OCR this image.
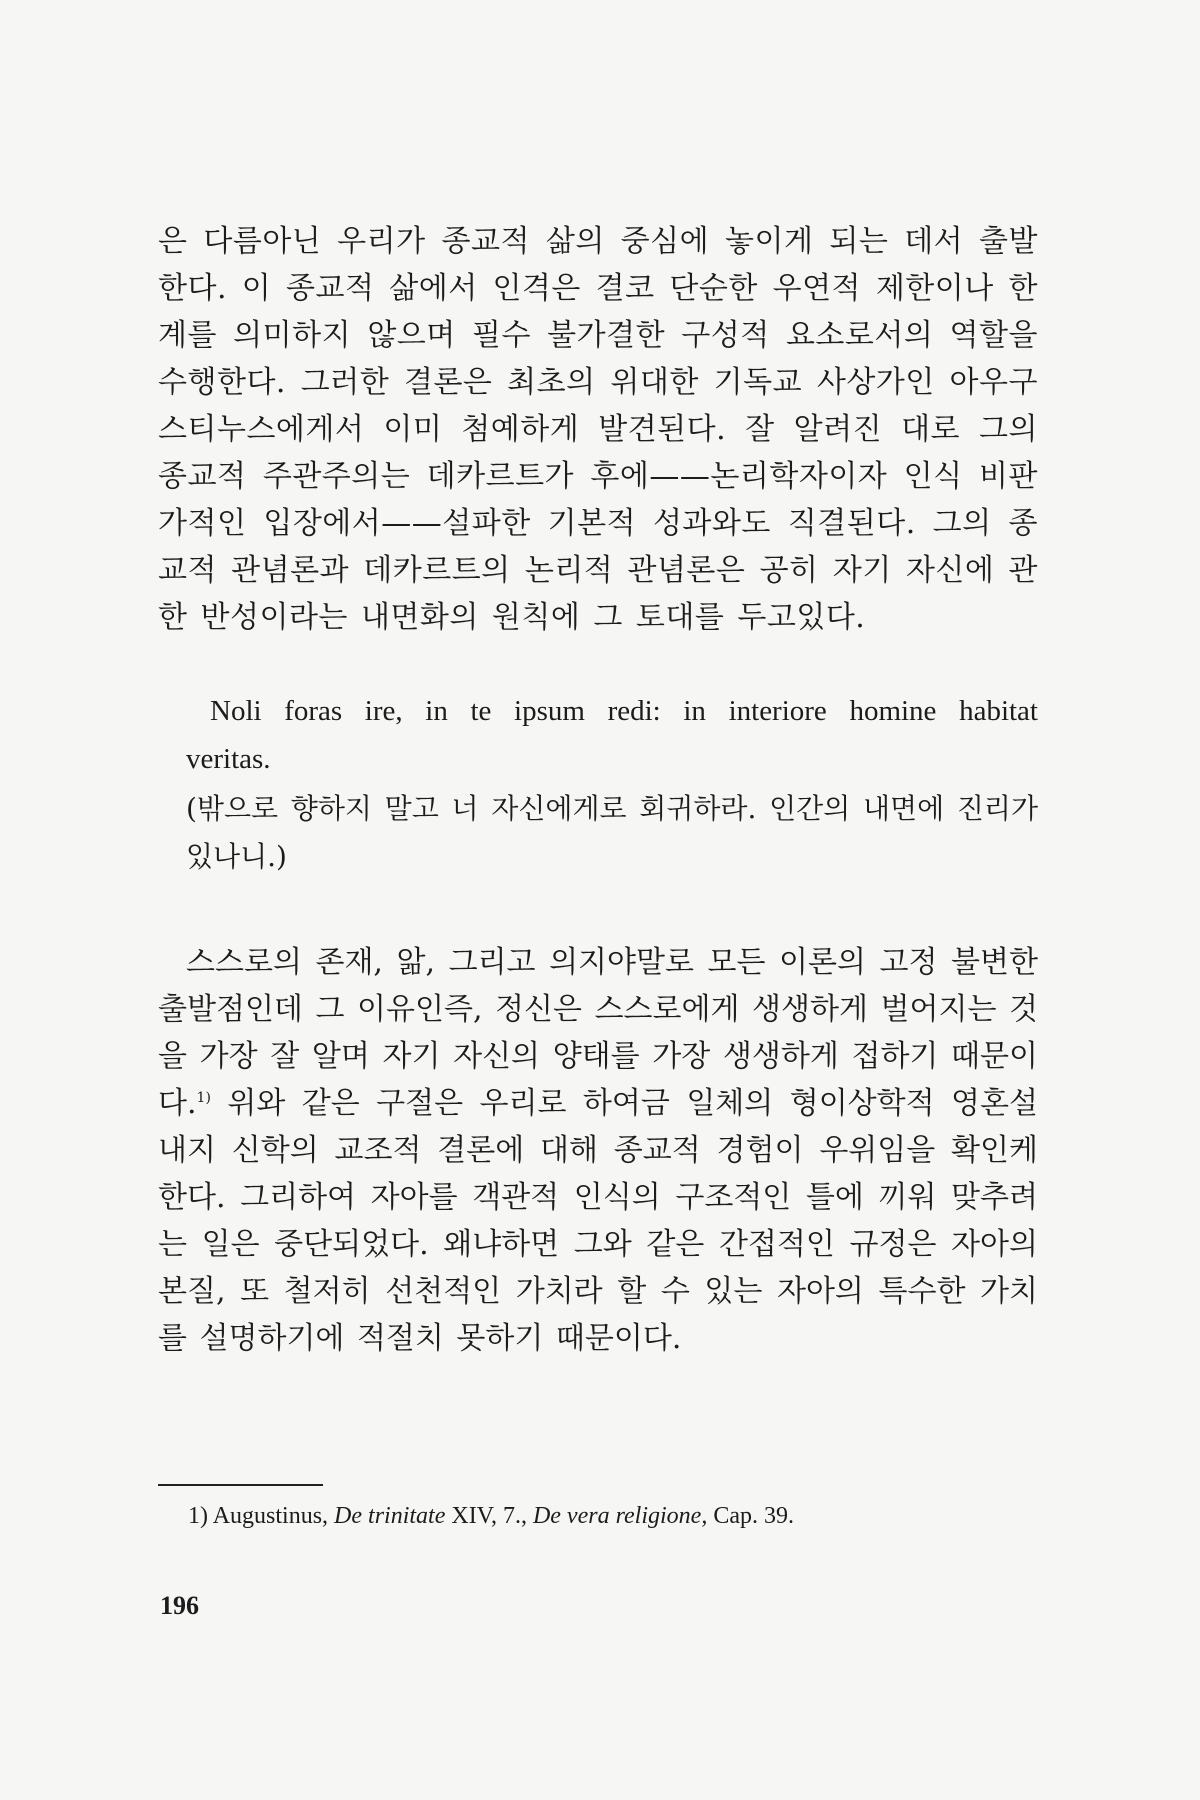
은 다름아닌 우리가 종교적 삶의 중심에 놓이게 되는 데서 출발한다. 이 종교적 삶에서 인격은 결코 단순한 우연적 제한이나 한계를 의미하지 않으며 필수 불가결한 구성적 요소로서의 역할을 수행한다. 그러한 결론은 최초의 위대한 기독교 사상가인 아우구스티누스에게서 이미 첨예하게 발견된다. 잘 알려진 대로 그의 종교적 주관주의는 데카르트가 후에——논리학자이자 인식 비판가적인 입장에서——설파한 기본적 성과와도 직결된다. 그의 종교적 관념론과 데카르트의 논리적 관념론은 공히 자기 자신에 관한 반성이라는 내면화의 원칙에 그 토대를 두고있다.

Noli foras ire, in te ipsum redi: in interiore homine habitat veritas.

(밖으로 향하지 말고 너 자신에게로 회귀하라. 인간의 내면에 진리가 있나니.)

스스로의 존재, 앎, 그리고 의지야말로 모든 이론의 고정 불변한 출발점인데 그 이유인즉, 정신은 스스로에게 생생하게 벌어지는 것을 가장 잘 알며 자기 자신의 양태를 가장 생생하게 접하기 때문이다.$^{1)}$ 위와 같은 구절은 우리로 하여금 일체의 형이상학적 영혼설 내지 신학의 교조적 결론에 대해 종교적 경험이 우위임을 확인케 한다. 그리하여 자아를 객관적 인식의 구조적인 틀에 끼워 맞추려는 일은 중단되었다. 왜냐하면 그와 같은 간접적인 규정은 자아의 본질, 또 철저히 선천적인 가치라 할 수 있는 자아의 특수한 가치를 설명하기에 적절치 못하기 때문이다.

1) Augustinus, De trinitate XIV, 7., De vera religione, Cap. 39.

196
